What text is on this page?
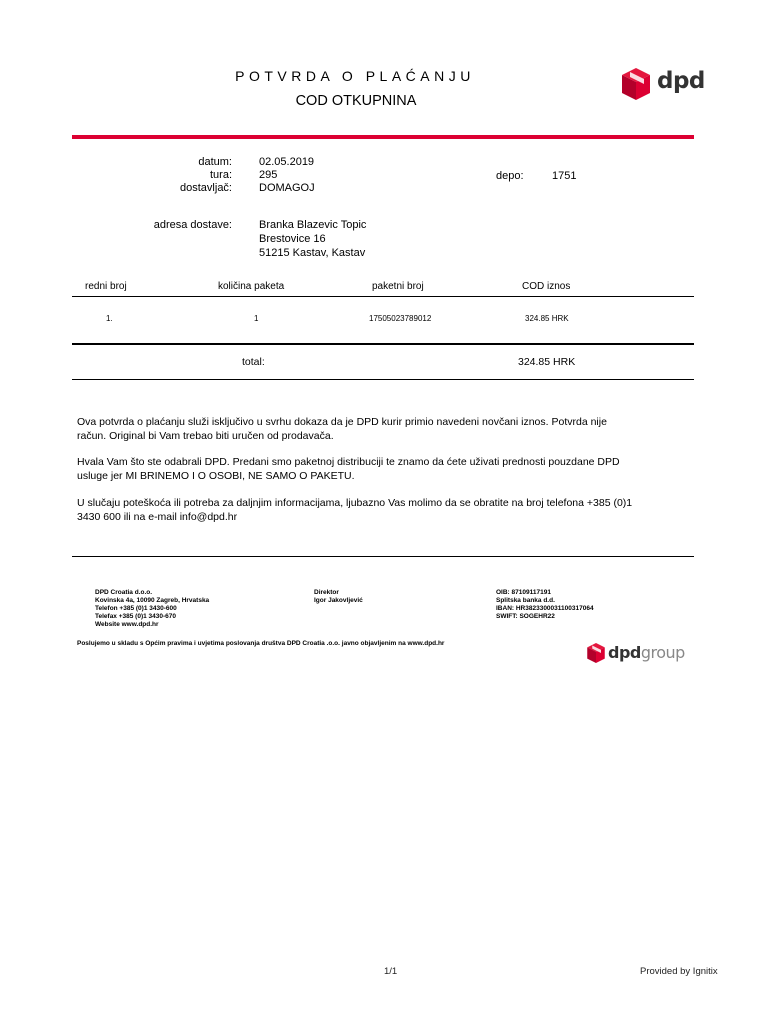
POTVRDA O PLAĆANJU
COD OTKUPNINA
dpd
datum: 02.05.2019
tura: 295
dostavljač: DOMAGOJ
depo:	1751
adresa dostave: Branka Blazevic Topic
Brestovice 16
51215 Kastav, Kastav
redni broj	količina paketa	paketni broj	COD iznos
1.	1	17505023789012	324.85 HRK
total:	324.85 HRK
Ova potvrda o plaćanju služi isključivo u svrhu dokaza da je DPD kurir primio navedeni novčani iznos. Potvrda nije račun. Original bi Vam trebao biti uručen od prodavača.
Hvala Vam što ste odabrali DPD. Predani smo paketnoj distribuciji te znamo da ćete uživati prednosti pouzdane DPD usluge jer MI BRINEMO I O OSOBI, NE SAMO O PAKETU.
U slučaju poteškoća ili potreba za daljnjim informacijama, ljubazno Vas molimo da se obratite na broj telefona +385 (0)1 3430 600 ili na e-mail info@dpd.hr
DPD Croatia d.o.o.
Kovinska 4a, 10090 Zagreb, Hrvatska
Telefon +385 (0)1 3430-600
Telefax +385 (0)1 3430-670
Website www.dpd.hr
Direktor
Igor Jakovljević
OIB: 87109117191
Splitska banka d.d.
IBAN: HR3823300031100317064
SWIFT: SOGEHR22
Poslujemo u skladu s Općim pravima i uvjetima poslovanja društva DPD Croatia .o.o. javno objavljenim na www.dpd.hr	dpdgroup
1/1	Provided by Ignitix
